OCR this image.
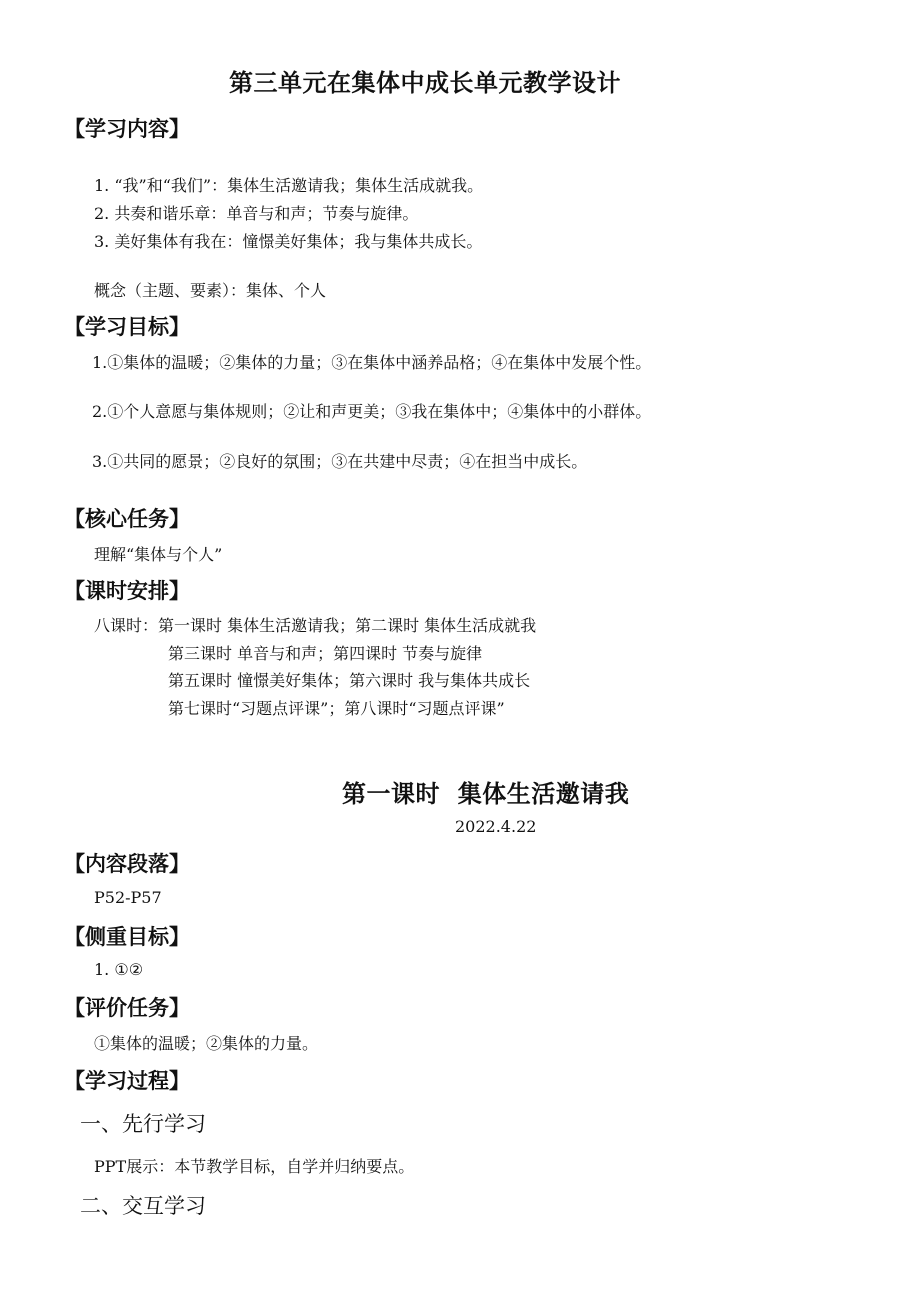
第三单元在集体中成长单元教学设计
【学习内容】
1. “我”和“我们”：集体生活邀请我；集体生活成就我。
2. 共奏和谐乐章：单音与和声；节奏与旋律。
3. 美好集体有我在：憧憬美好集体；我与集体共成长。
概念（主题、要素）：集体、个人
【学习目标】
1.①集体的温暖；②集体的力量；③在集体中涵养品格；④在集体中发展个性。
2.①个人意愿与集体规则；②让和声更美；③我在集体中；④集体中的小群体。
3.①共同的愿景；②良好的氛围；③在共建中尽责；④在担当中成长。
【核心任务】
理解“集体与个人”
【课时安排】
八课时：第一课时 集体生活邀请我；第二课时 集体生活成就我
第三课时 单音与和声；第四课时 节奏与旋律
第五课时 憧憬美好集体；第六课时 我与集体共成长
第七课时“习题点评课”；第八课时“习题点评课”
第一课时  集体生活邀请我
2022.4.22
【内容段落】
P52-P57
【侧重目标】
1. ①②
【评价任务】
①集体的温暖；②集体的力量。
【学习过程】
一、先行学习
PPT展示：本节教学目标，自学并归纳要点。
二、交互学习
